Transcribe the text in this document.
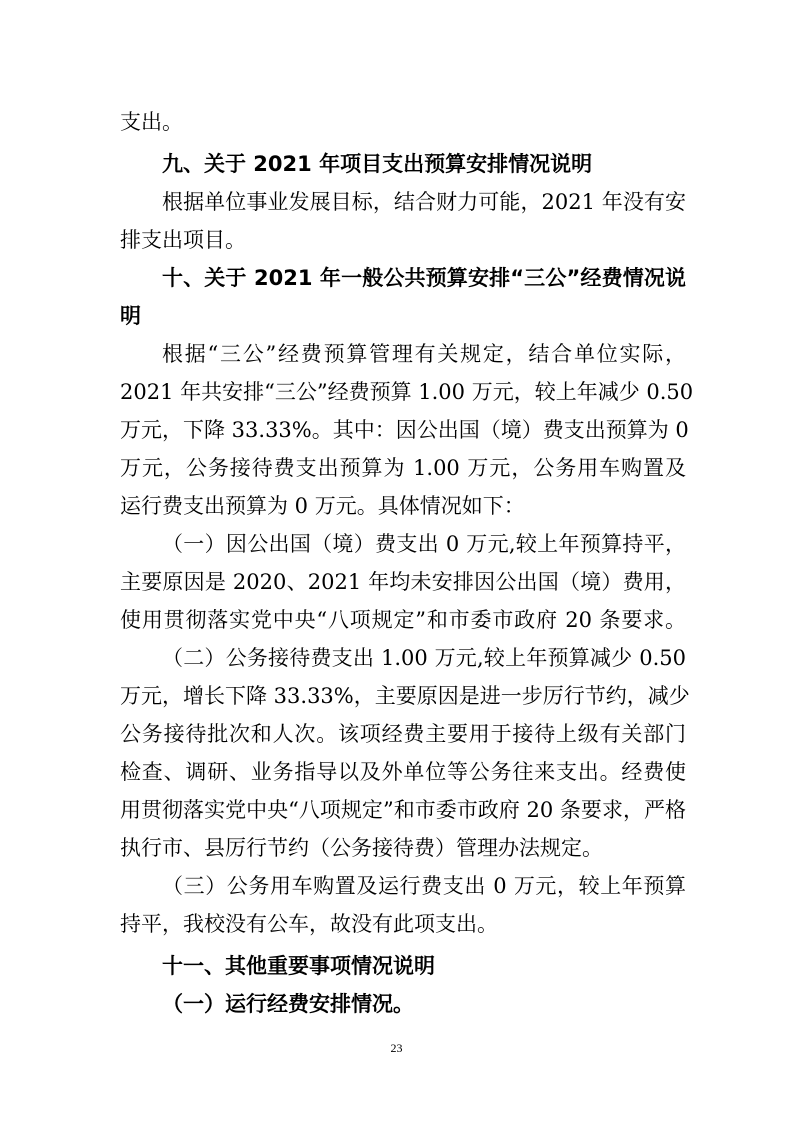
支出。
九、关于 2021 年项目支出预算安排情况说明
根据单位事业发展目标，结合财力可能，2021 年没有安
排支出项目。
十、关于 2021 年一般公共预算安排“三公”经费情况说
明
根据“三公”经费预算管理有关规定，结合单位实际，
2021 年共安排“三公”经费预算 1.00 万元，较上年减少 0.50
万元，下降 33.33%。其中：因公出国（境）费支出预算为 0
万元，公务接待费支出预算为 1.00 万元，公务用车购置及
运行费支出预算为 0 万元。具体情况如下：
（一）因公出国（境）费支出 0 万元,较上年预算持平，
主要原因是 2020、2021 年均未安排因公出国（境）费用，
使用贯彻落实党中央“八项规定”和市委市政府 20 条要求。
（二）公务接待费支出 1.00 万元,较上年预算减少 0.50
万元，增长下降 33.33%，主要原因是进一步厉行节约，减少
公务接待批次和人次。该项经费主要用于接待上级有关部门
检查、调研、业务指导以及外单位等公务往来支出。经费使
用贯彻落实党中央“八项规定”和市委市政府 20 条要求，严格
执行市、县厉行节约（公务接待费）管理办法规定。
（三）公务用车购置及运行费支出 0 万元，较上年预算
持平，我校没有公车，故没有此项支出。
十一、其他重要事项情况说明
（一）运行经费安排情况。
23
